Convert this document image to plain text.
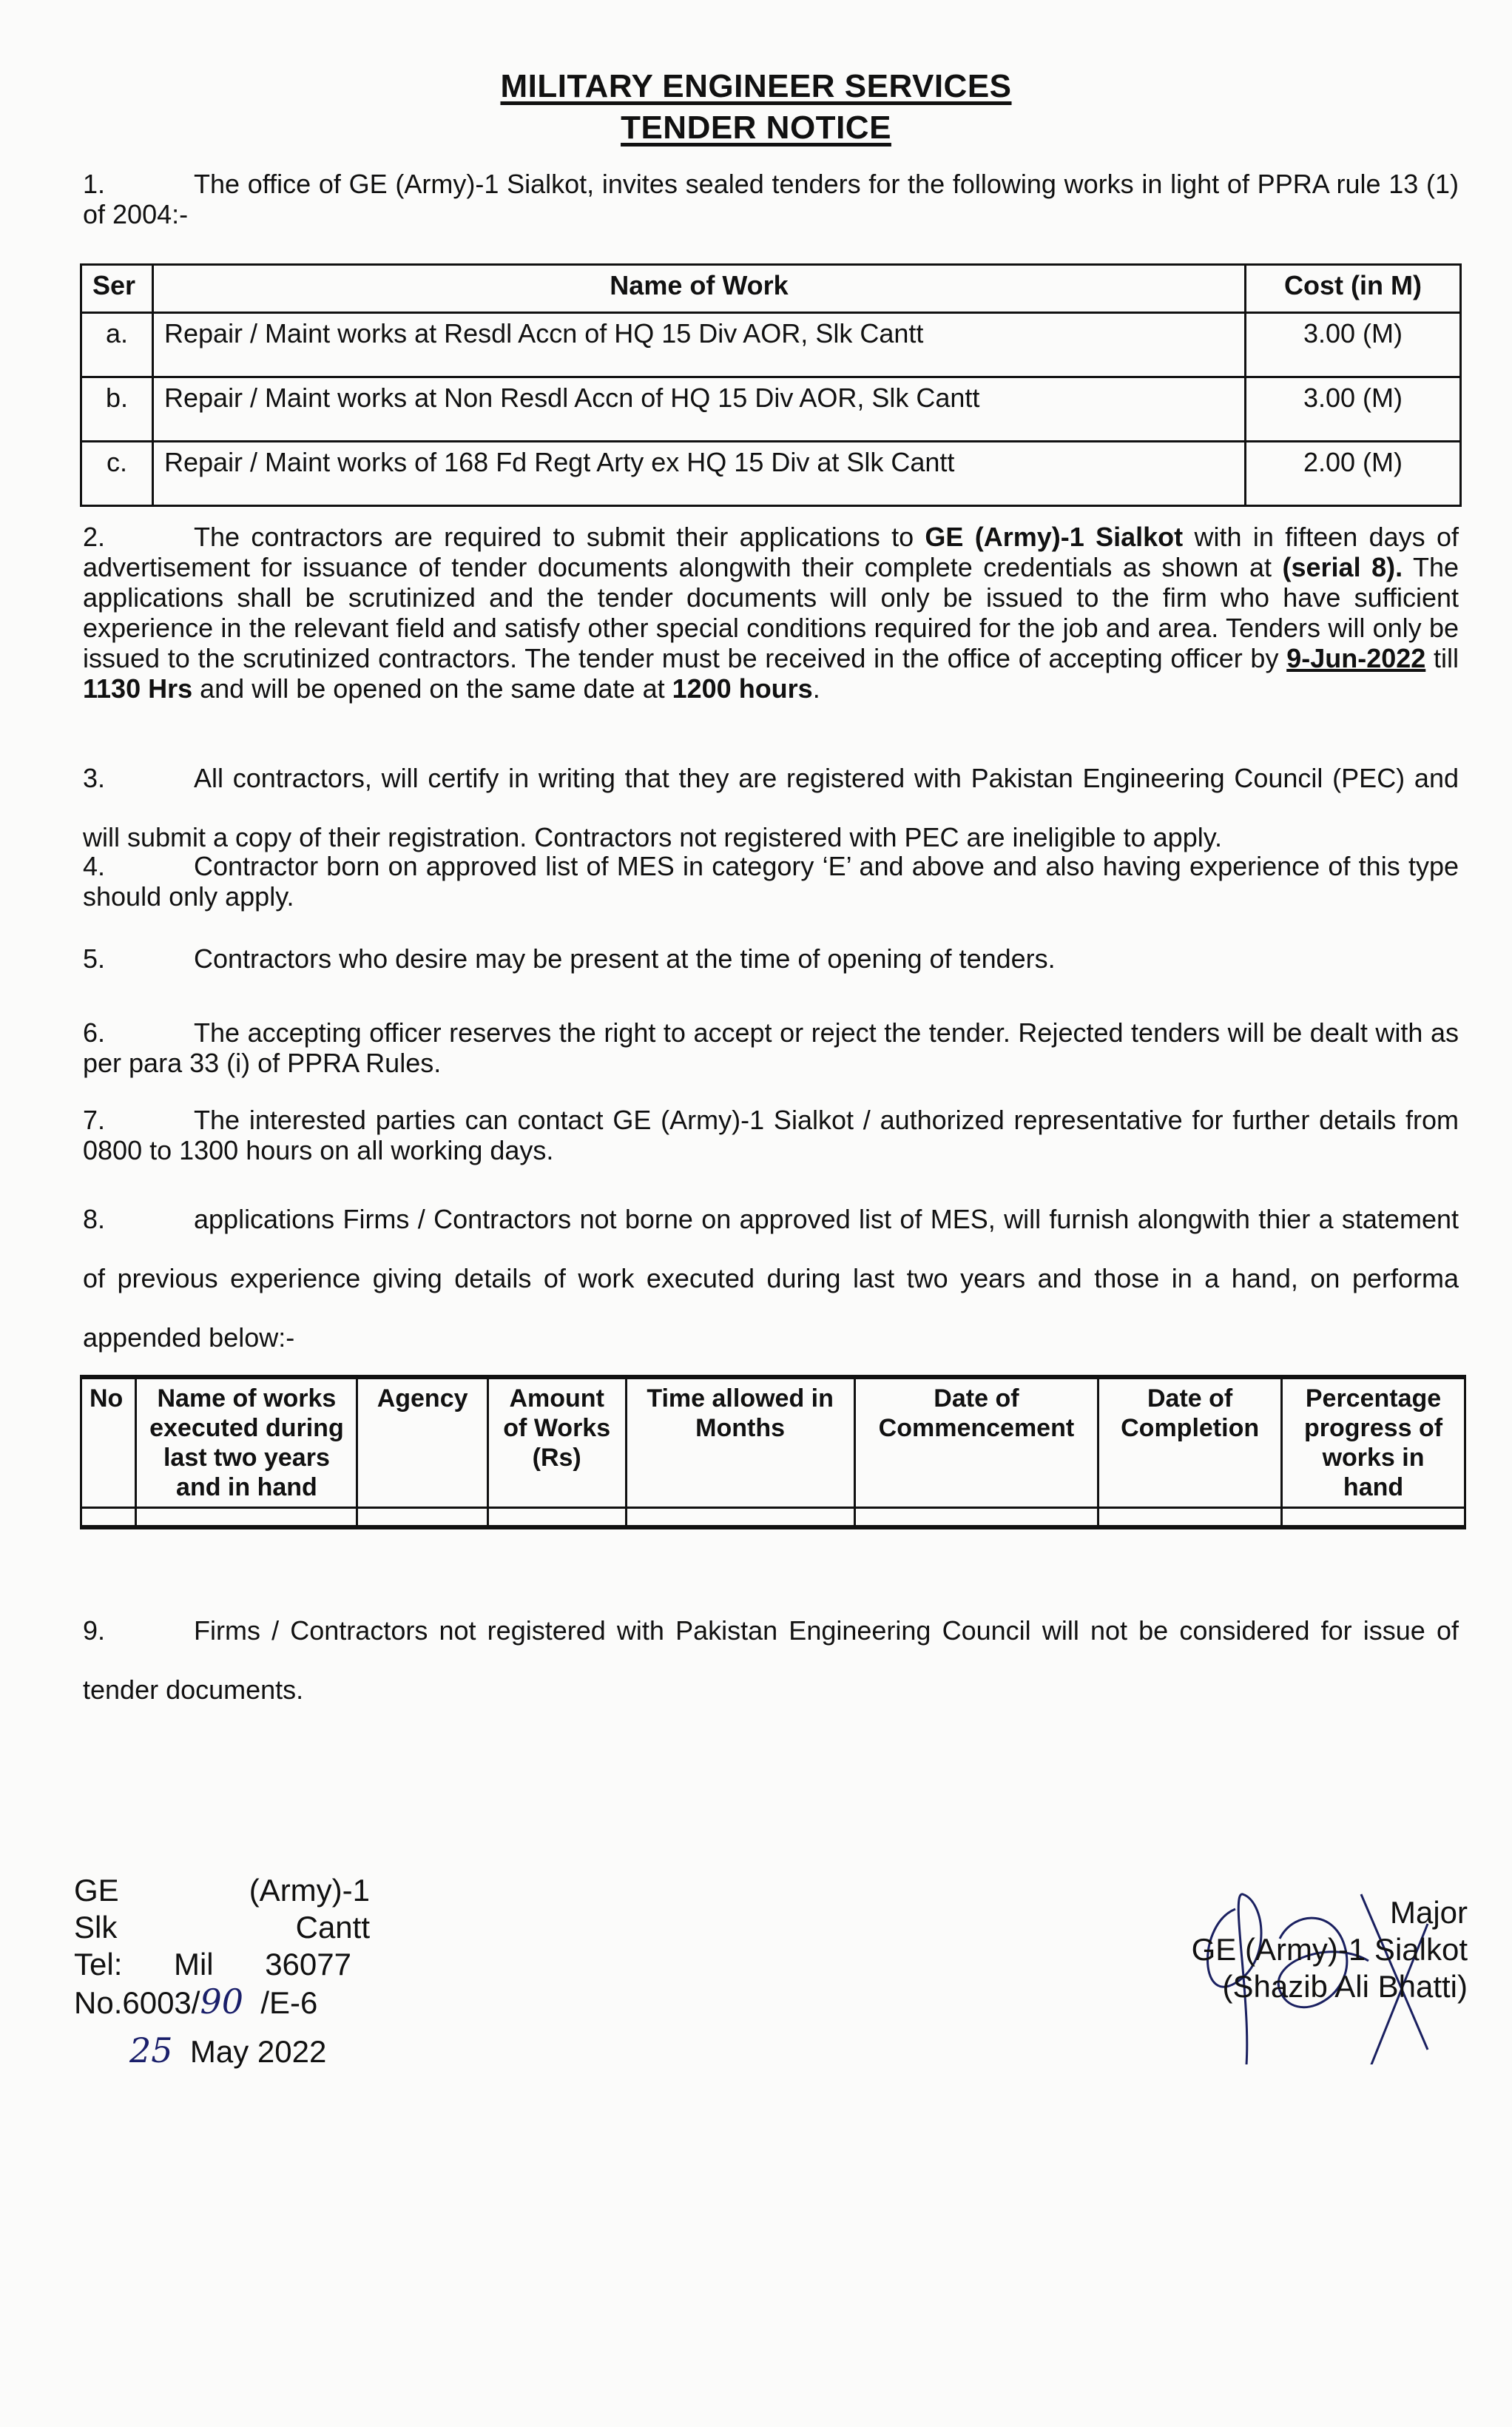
MILITARY ENGINEER SERVICES
TENDER NOTICE
1.	The office of GE (Army)-1 Sialkot, invites sealed tenders for the following works in light of PPRA rule 13 (1) of 2004:-
Ser	Name of Work	Cost (in M)
a.	Repair / Maint works at Resdl Accn of HQ 15 Div AOR, Slk Cantt	3.00 (M)
b.	Repair / Maint works at Non Resdl Accn of HQ 15 Div AOR, Slk Cantt	3.00 (M)
c.	Repair / Maint works of 168 Fd Regt Arty ex HQ 15 Div at Slk Cantt	2.00 (M)
2.	The contractors are required to submit their applications to GE (Army)-1 Sialkot with in fifteen days of advertisement for issuance of tender documents alongwith their complete credentials as shown at (serial 8). The applications shall be scrutinized and the tender documents will only be issued to the firm who have sufficient experience in the relevant field and satisfy other special conditions required for the job and area. Tenders will only be issued to the scrutinized contractors. The tender must be received in the office of accepting officer by 9-Jun-2022 till 1130 Hrs and will be opened on the same date at 1200 hours.
3.	All contractors, will certify in writing that they are registered with Pakistan Engineering Council (PEC) and will submit a copy of their registration. Contractors not registered with PEC are ineligible to apply.
4.	Contractor born on approved list of MES in category ‘E’ and above and also having experience of this type should only apply.
5.	Contractors who desire may be present at the time of opening of tenders.
6.	The accepting officer reserves the right to accept or reject the tender. Rejected tenders will be dealt with as per para 33 (i) of PPRA Rules.
7.	The interested parties can contact GE (Army)-1 Sialkot / authorized representative for further details from 0800 to 1300 hours on all working days.
8.	applications Firms / Contractors not borne on approved list of MES, will furnish alongwith thier a statement of previous experience giving details of work executed during last two years and those in a hand, on performa appended below:-
No	Name of works executed during last two years and in hand	Agency	Amount of Works (Rs)	Time allowed in Months	Date of Commencement	Date of Completion	Percentage progress of works in hand

9.	Firms / Contractors not registered with Pakistan Engineering Council will not be considered for issue of tender documents.
GE	(Army)-1
Slk	Cantt
Tel: Mil 36077
No.6003/90 /E-6
25 May 2022
Major
GE (Army)-1 Sialkot
(Shazib Ali Bhatti)
